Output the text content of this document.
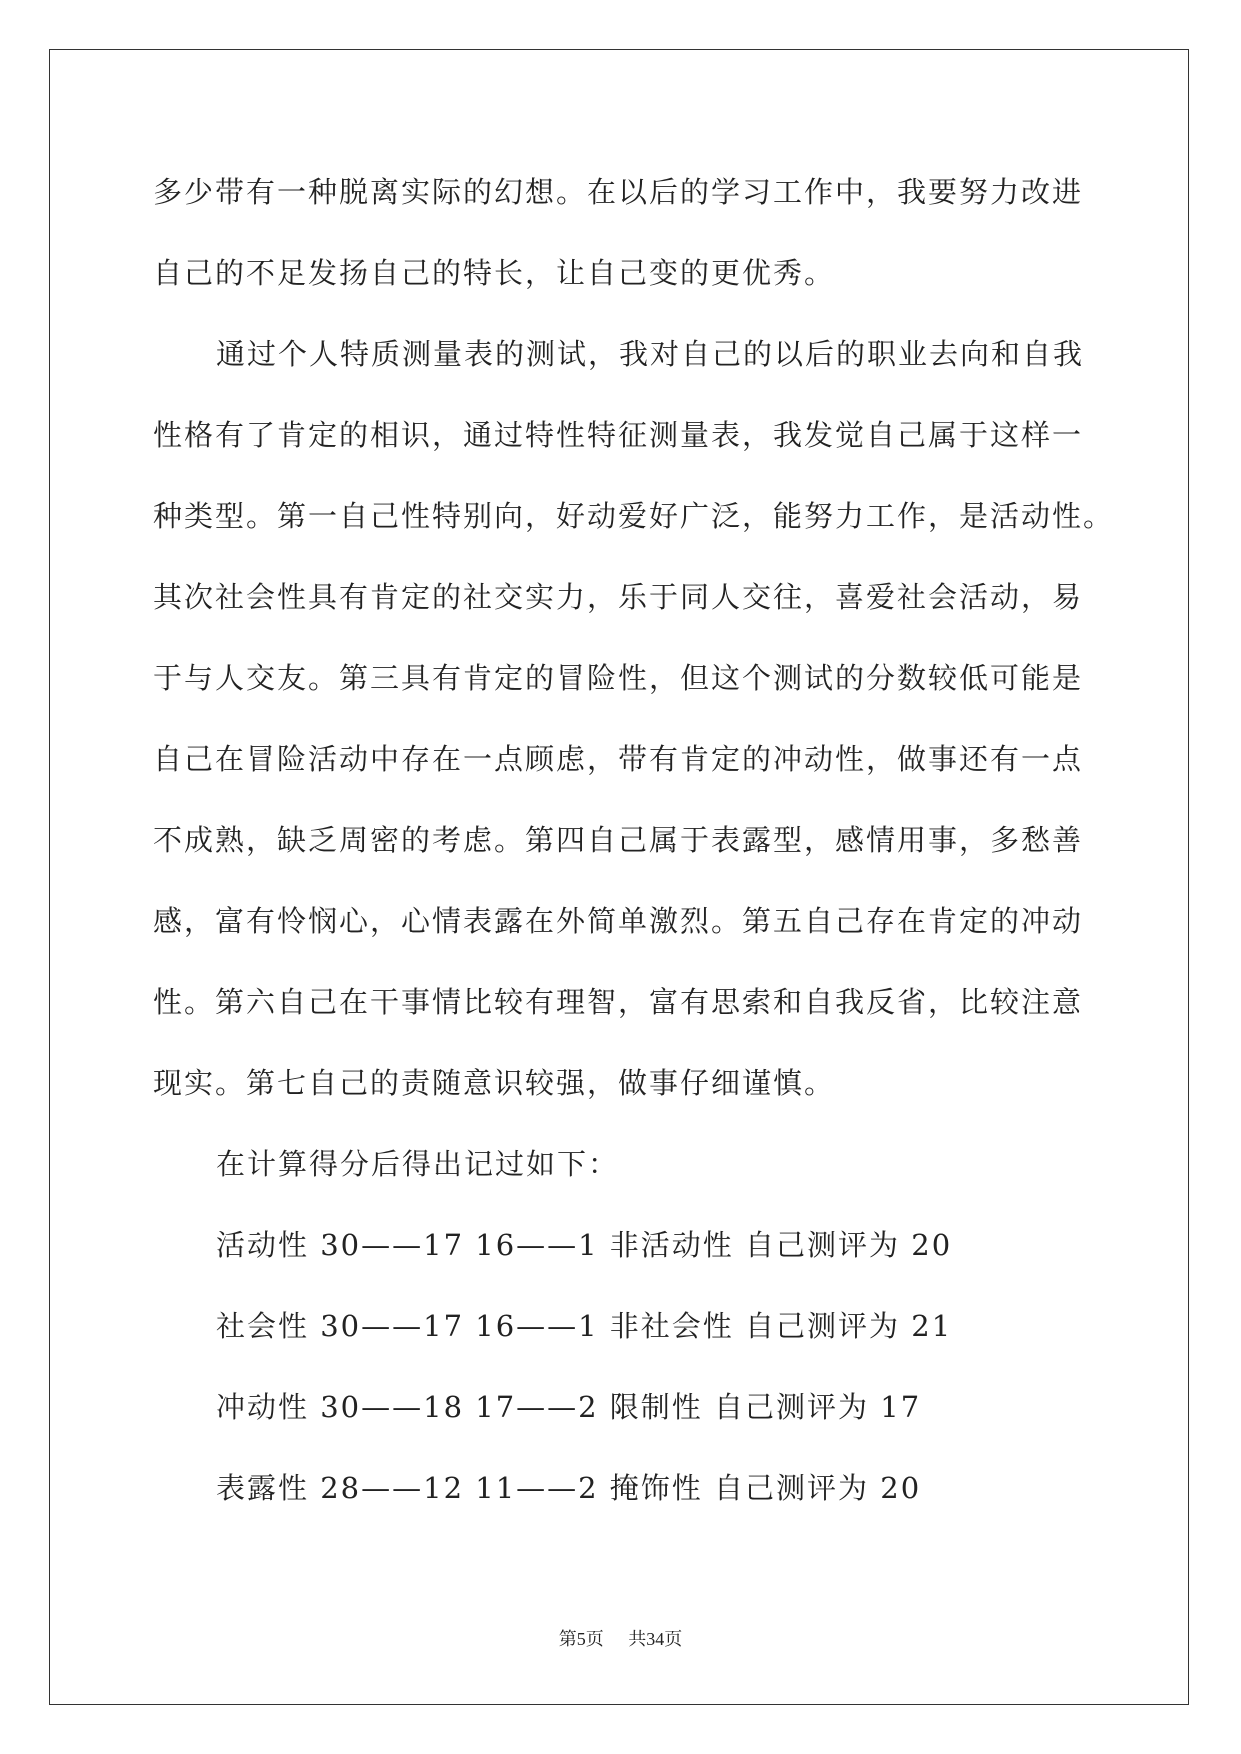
多少带有一种脱离实际的幻想。在以后的学习工作中，我要努力改进
自己的不足发扬自己的特长，让自己变的更优秀。
通过个人特质测量表的测试，我对自己的以后的职业去向和自我
性格有了肯定的相识，通过特性特征测量表，我发觉自己属于这样一
种类型。第一自己性特别向，好动爱好广泛，能努力工作，是活动性。
其次社会性具有肯定的社交实力，乐于同人交往，喜爱社会活动，易
于与人交友。第三具有肯定的冒险性，但这个测试的分数较低可能是
自己在冒险活动中存在一点顾虑，带有肯定的冲动性，做事还有一点
不成熟，缺乏周密的考虑。第四自己属于表露型，感情用事，多愁善
感，富有怜悯心，心情表露在外简单激烈。第五自己存在肯定的冲动
性。第六自己在干事情比较有理智，富有思索和自我反省，比较注意
现实。第七自己的责随意识较强，做事仔细谨慎。
在计算得分后得出记过如下：
活动性 30——17 16——1 非活动性 自己测评为 20
社会性 30——17 16——1 非社会性 自己测评为 21
冲动性 30——18 17——2 限制性 自己测评为 17
表露性 28——12 11——2 掩饰性 自己测评为 20
第5页 共34页
